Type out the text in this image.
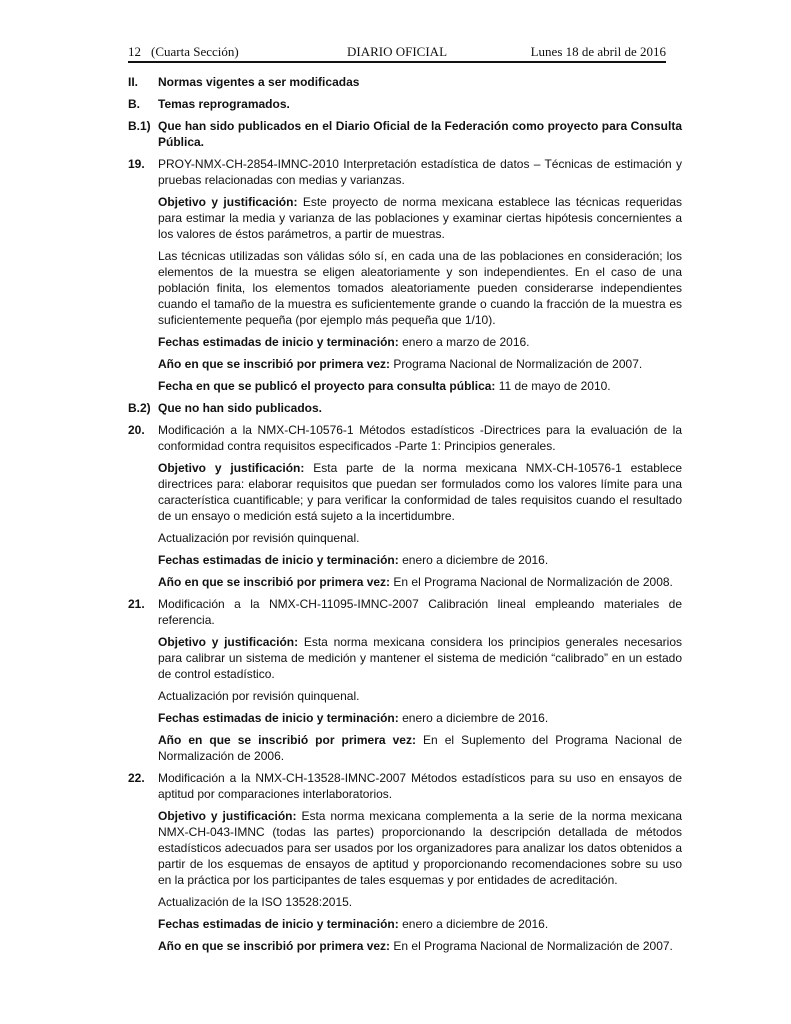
12 (Cuarta Sección)	DIARIO OFICIAL	Lunes 18 de abril de 2016
II.	Normas vigentes a ser modificadas
B.	Temas reprogramados.
B.1) Que han sido publicados en el Diario Oficial de la Federación como proyecto para Consulta Pública.
19.	PROY-NMX-CH-2854-IMNC-2010 Interpretación estadística de datos – Técnicas de estimación y pruebas relacionadas con medias y varianzas.
Objetivo y justificación: Este proyecto de norma mexicana establece las técnicas requeridas para estimar la media y varianza de las poblaciones y examinar ciertas hipótesis concernientes a los valores de éstos parámetros, a partir de muestras.
Las técnicas utilizadas son válidas sólo sí, en cada una de las poblaciones en consideración; los elementos de la muestra se eligen aleatoriamente y son independientes. En el caso de una población finita, los elementos tomados aleatoriamente pueden considerarse independientes cuando el tamaño de la muestra es suficientemente grande o cuando la fracción de la muestra es suficientemente pequeña (por ejemplo más pequeña que 1/10).
Fechas estimadas de inicio y terminación: enero a marzo de 2016.
Año en que se inscribió por primera vez: Programa Nacional de Normalización de 2007.
Fecha en que se publicó el proyecto para consulta pública: 11 de mayo de 2010.
B.2) Que no han sido publicados.
20.	Modificación a la NMX-CH-10576-1 Métodos estadísticos -Directrices para la evaluación de la conformidad contra requisitos especificados -Parte 1: Principios generales.
Objetivo y justificación: Esta parte de la norma mexicana NMX-CH-10576-1 establece directrices para: elaborar requisitos que puedan ser formulados como los valores límite para una característica cuantificable; y para verificar la conformidad de tales requisitos cuando el resultado de un ensayo o medición está sujeto a la incertidumbre.
Actualización por revisión quinquenal.
Fechas estimadas de inicio y terminación: enero a diciembre de 2016.
Año en que se inscribió por primera vez: En el Programa Nacional de Normalización de 2008.
21.	Modificación a la NMX-CH-11095-IMNC-2007 Calibración lineal empleando materiales de referencia.
Objetivo y justificación: Esta norma mexicana considera los principios generales necesarios para calibrar un sistema de medición y mantener el sistema de medición “calibrado” en un estado de control estadístico.
Actualización por revisión quinquenal.
Fechas estimadas de inicio y terminación: enero a diciembre de 2016.
Año en que se inscribió por primera vez: En el Suplemento del Programa Nacional de Normalización de 2006.
22.	Modificación a la NMX-CH-13528-IMNC-2007 Métodos estadísticos para su uso en ensayos de aptitud por comparaciones interlaboratorios.
Objetivo y justificación: Esta norma mexicana complementa a la serie de la norma mexicana NMX-CH-043-IMNC (todas las partes) proporcionando la descripción detallada de métodos estadísticos adecuados para ser usados por los organizadores para analizar los datos obtenidos a partir de los esquemas de ensayos de aptitud y proporcionando recomendaciones sobre su uso en la práctica por los participantes de tales esquemas y por entidades de acreditación.
Actualización de la ISO 13528:2015.
Fechas estimadas de inicio y terminación: enero a diciembre de 2016.
Año en que se inscribió por primera vez: En el Programa Nacional de Normalización de 2007.
